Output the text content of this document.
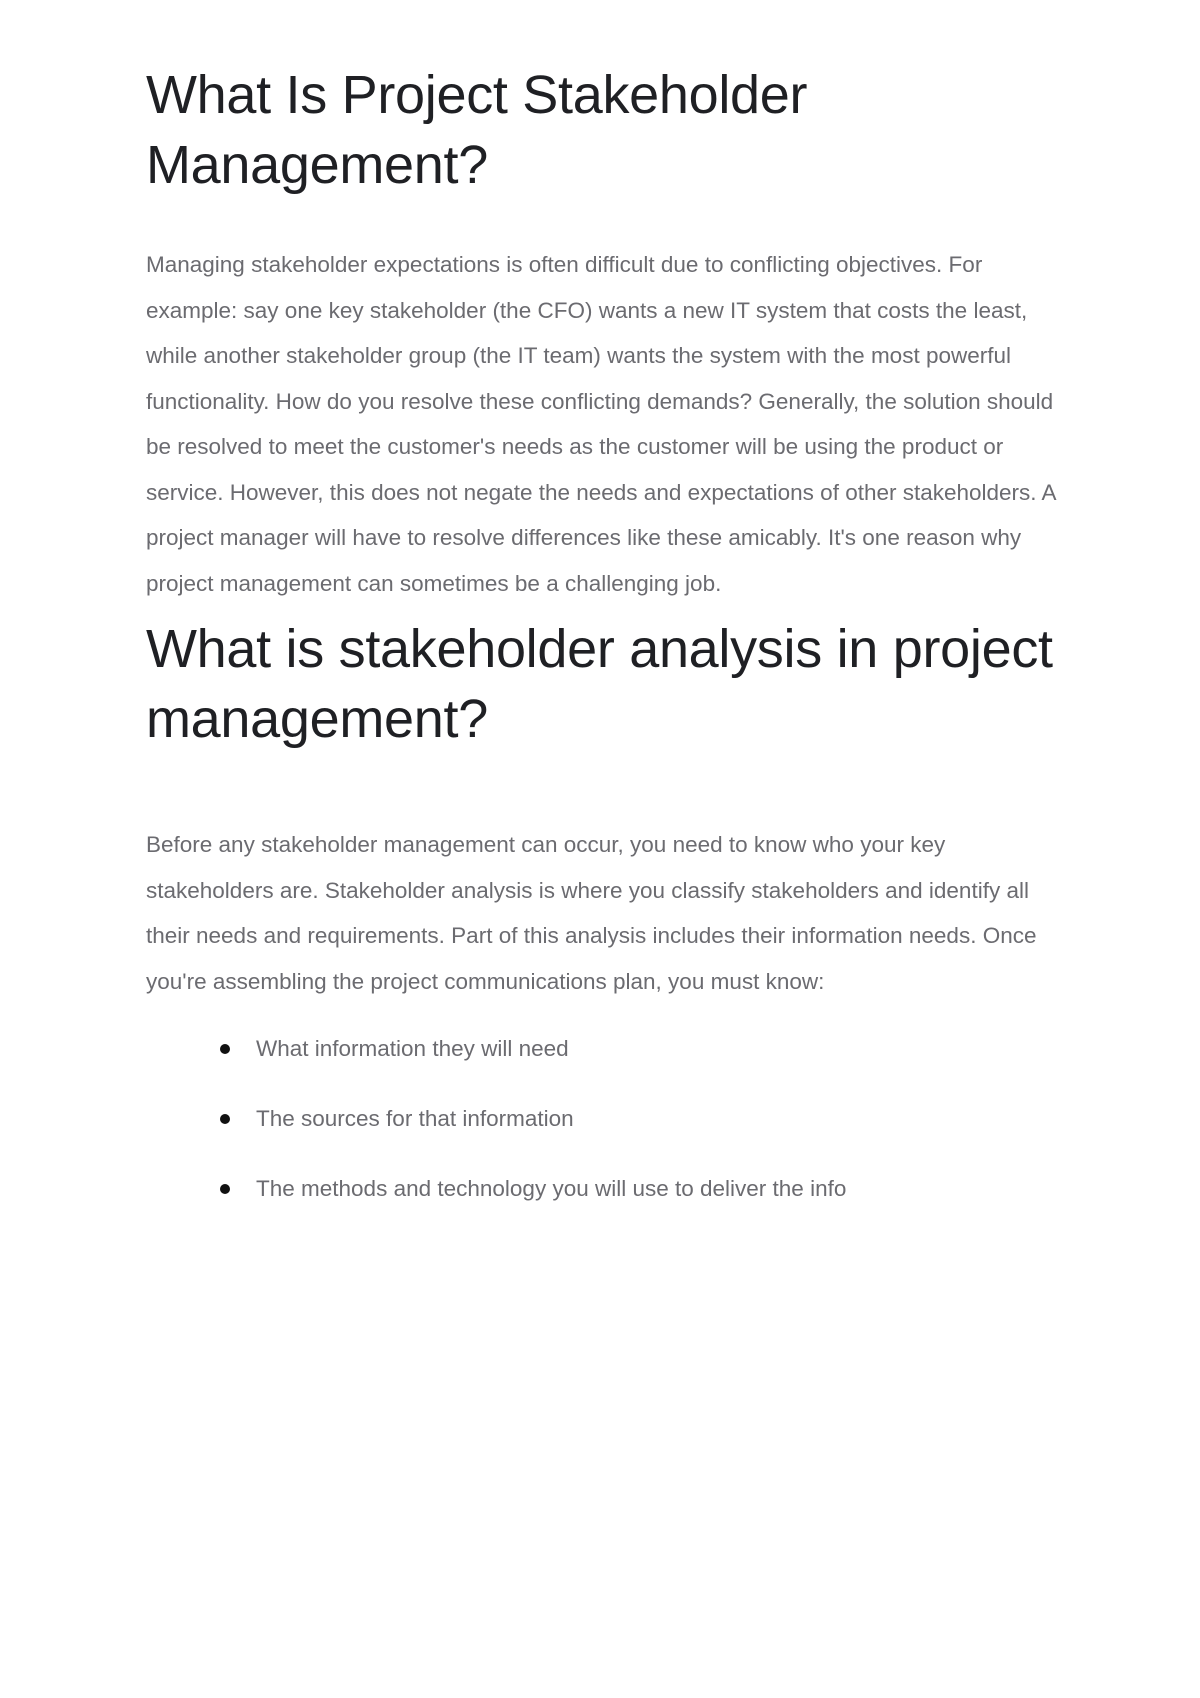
What Is Project Stakeholder Management?

Managing stakeholder expectations is often difficult due to conflicting objectives. For example: say one key stakeholder (the CFO) wants a new IT system that costs the least, while another stakeholder group (the IT team) wants the system with the most powerful functionality. How do you resolve these conflicting demands? Generally, the solution should be resolved to meet the customer's needs as the customer will be using the product or service. However, this does not negate the needs and expectations of other stakeholders. A project manager will have to resolve differences like these amicably. It's one reason why project management can sometimes be a challenging job.

What is stakeholder analysis in project management?

Before any stakeholder management can occur, you need to know who your key stakeholders are. Stakeholder analysis is where you classify stakeholders and identify all their needs and requirements. Part of this analysis includes their information needs. Once you're assembling the project communications plan, you must know:

What information they will need
The sources for that information
The methods and technology you will use to deliver the info
